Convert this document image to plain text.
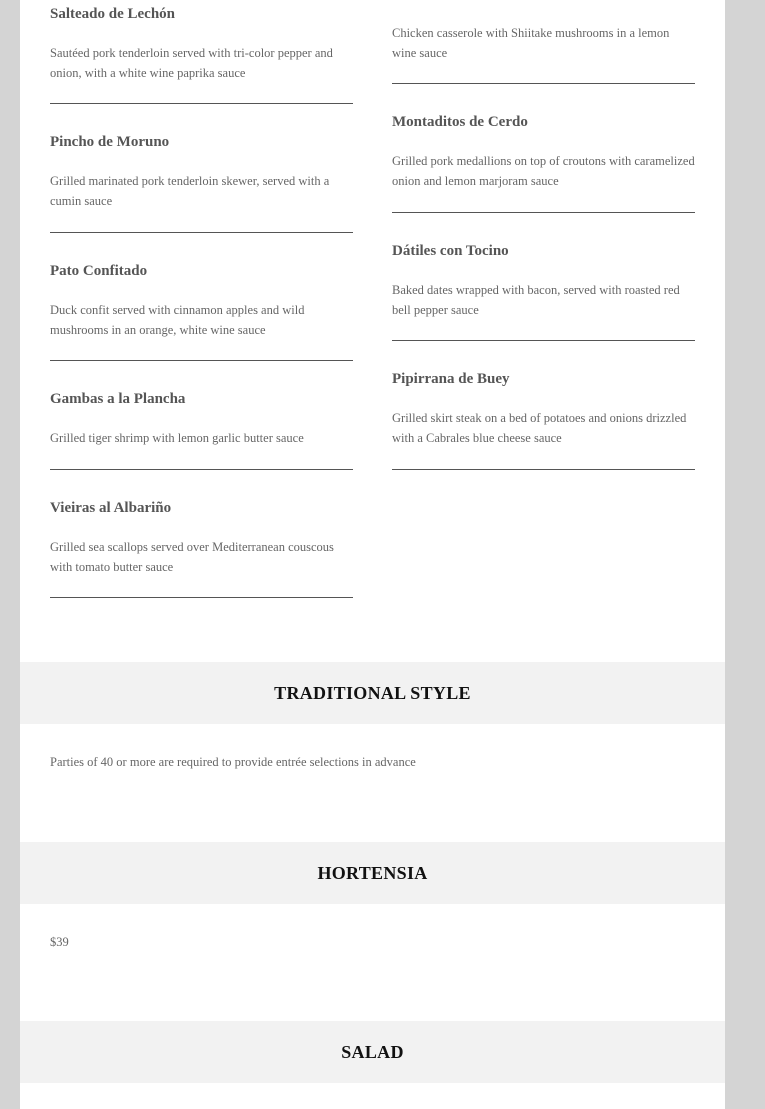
Salteado de Lechón
Sautéed pork tenderloin served with tri-color pepper and onion, with a white wine paprika sauce
Pincho de Moruno
Grilled marinated pork tenderloin skewer, served with a cumin sauce
Pato Confitado
Duck confit served with cinnamon apples and wild mushrooms in an orange, white wine sauce
Gambas a la Plancha
Grilled tiger shrimp with lemon garlic butter sauce
Vieiras al Albariño
Grilled sea scallops served over Mediterranean couscous with tomato butter sauce
Chicken casserole with Shiitake mushrooms in a lemon wine sauce
Montaditos de Cerdo
Grilled pork medallions on top of croutons with caramelized onion and lemon marjoram sauce
Dátiles con Tocino
Baked dates wrapped with bacon, served with roasted red bell pepper sauce
Pipirrana de Buey
Grilled skirt steak on a bed of potatoes and onions drizzled with a Cabrales blue cheese sauce
TRADITIONAL STYLE
Parties of 40 or more are required to provide entrée selections in advance
HORTENSIA
$39
SALAD
